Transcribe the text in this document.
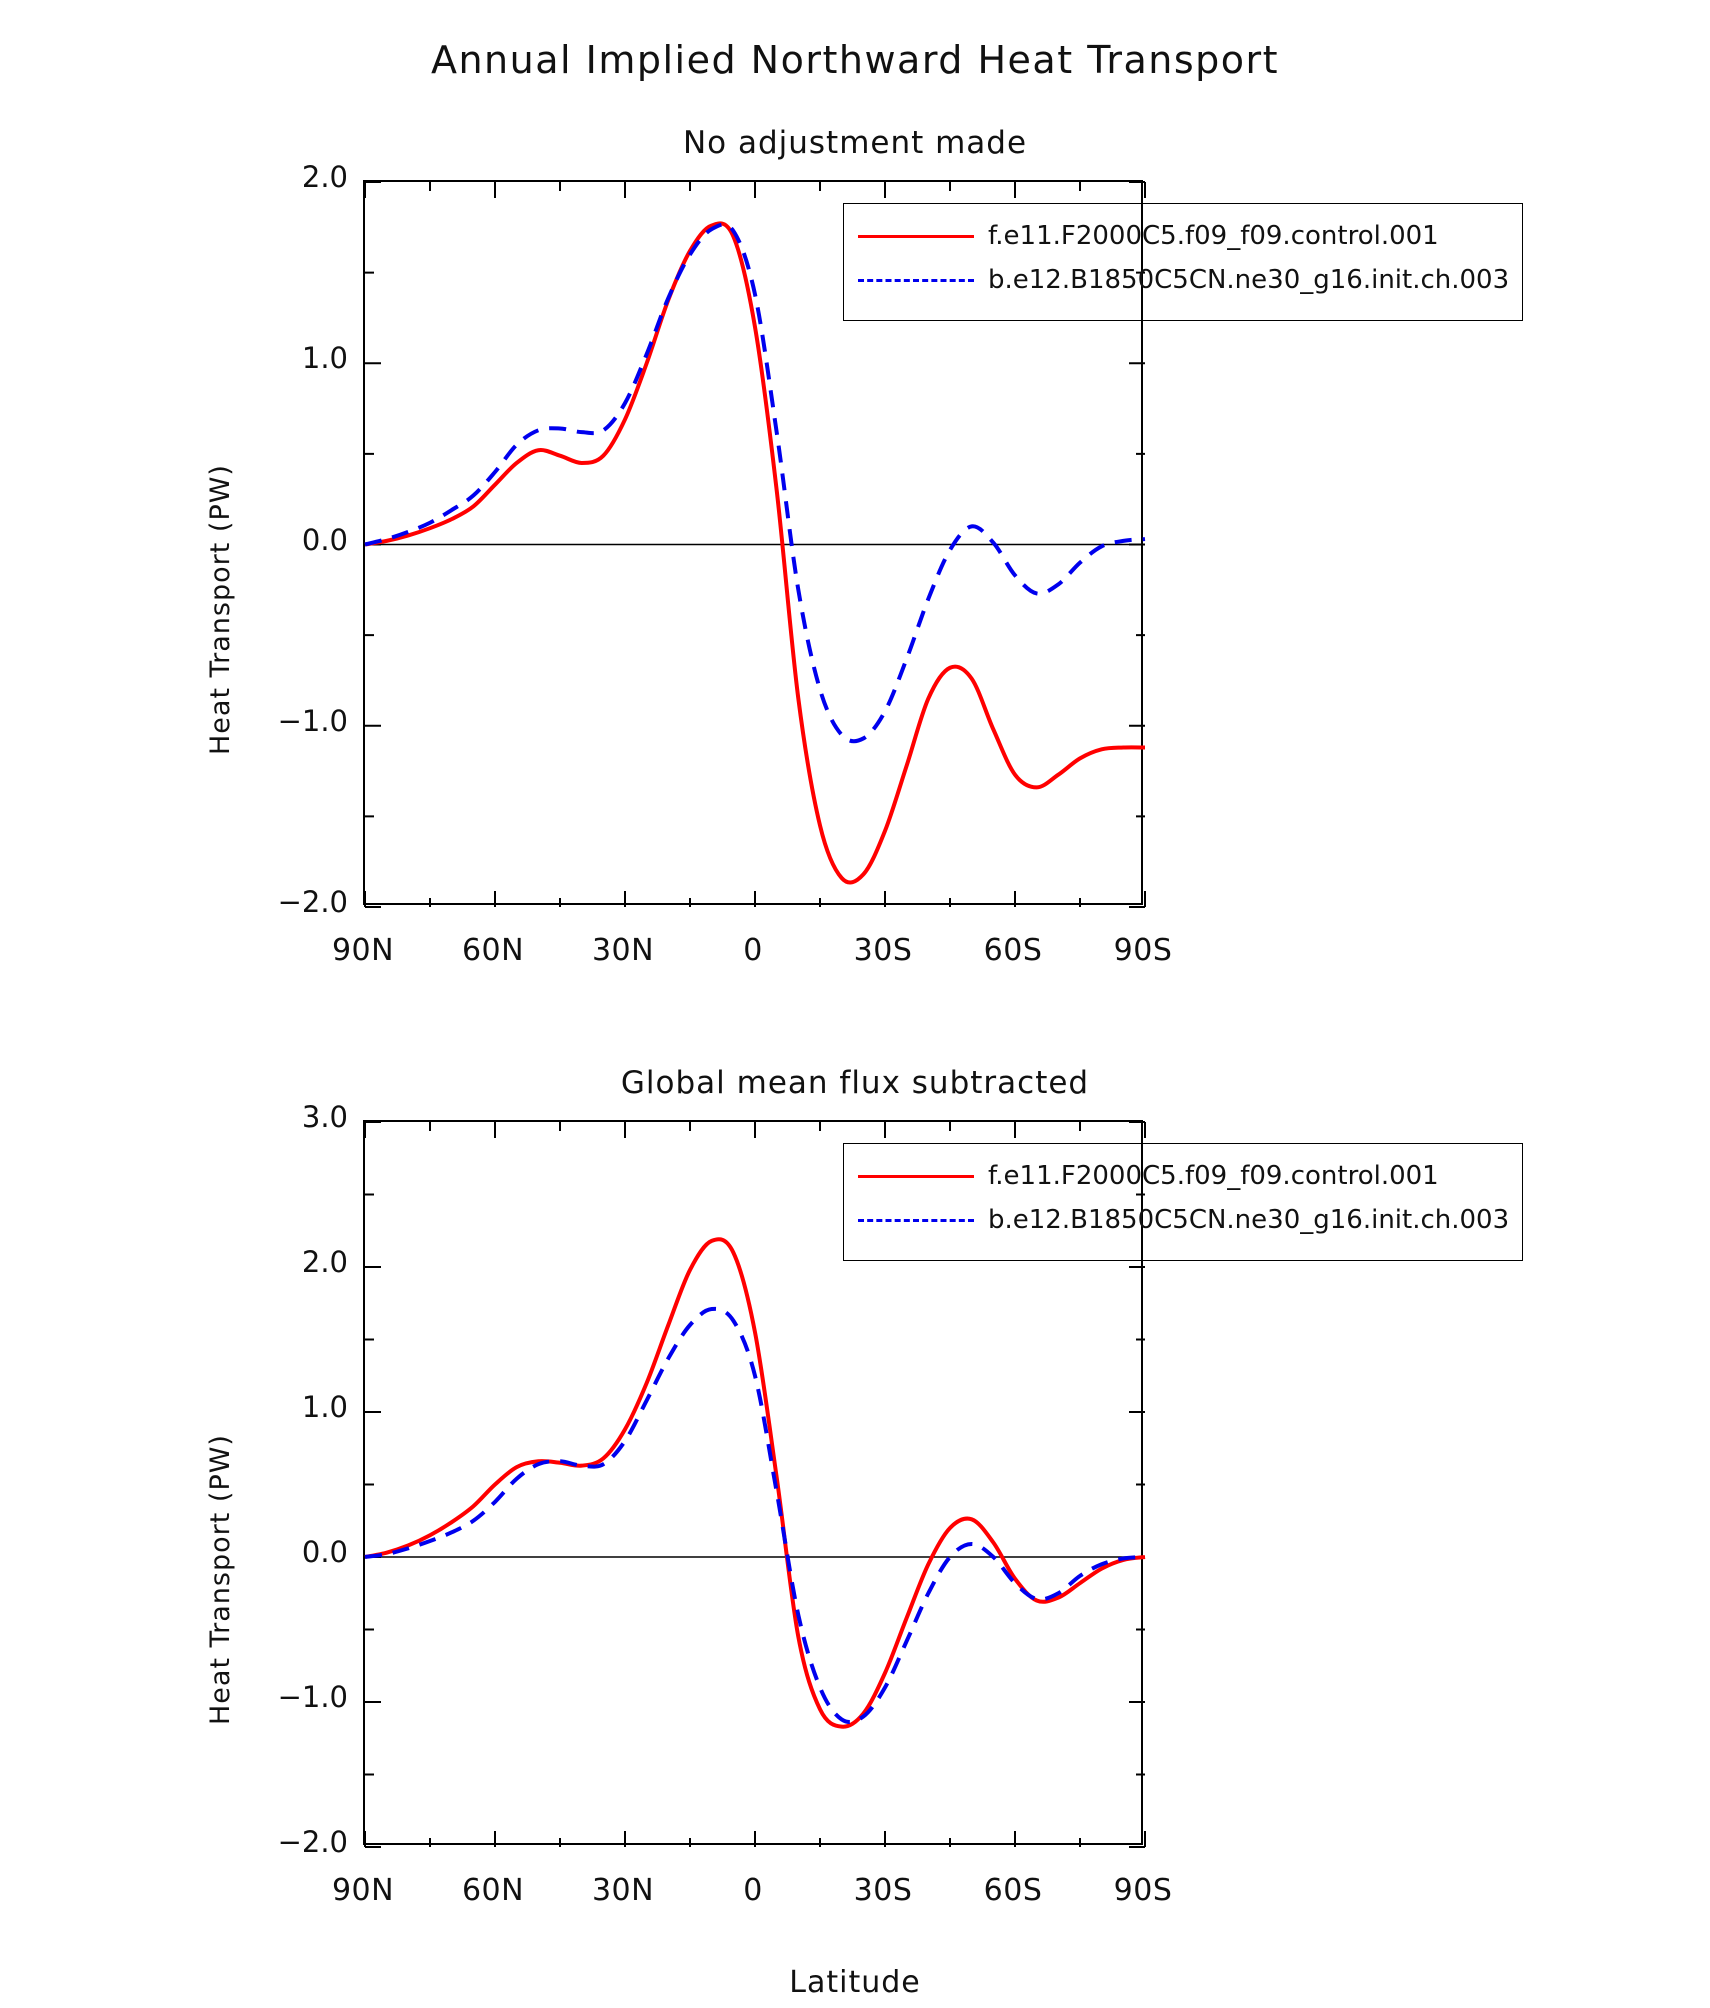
Annual Implied Northward Heat Transport
No adjustment made
Heat Transport (PW)
f.e11.F2000C5.f09_f09.control.001
b.e12.B1850C5CN.ne30_g16.init.ch.003
2.0
1.0
0.0
−1.0
−2.0
90N	60N	30N	0	30S	60S	90S
Global mean flux subtracted
Heat Transport (PW)
f.e11.F2000C5.f09_f09.control.001
b.e12.B1850C5CN.ne30_g16.init.ch.003
3.0
2.0
1.0
0.0
−1.0
−2.0
90N	60N	30N	0	30S	60S	90S
Latitude
